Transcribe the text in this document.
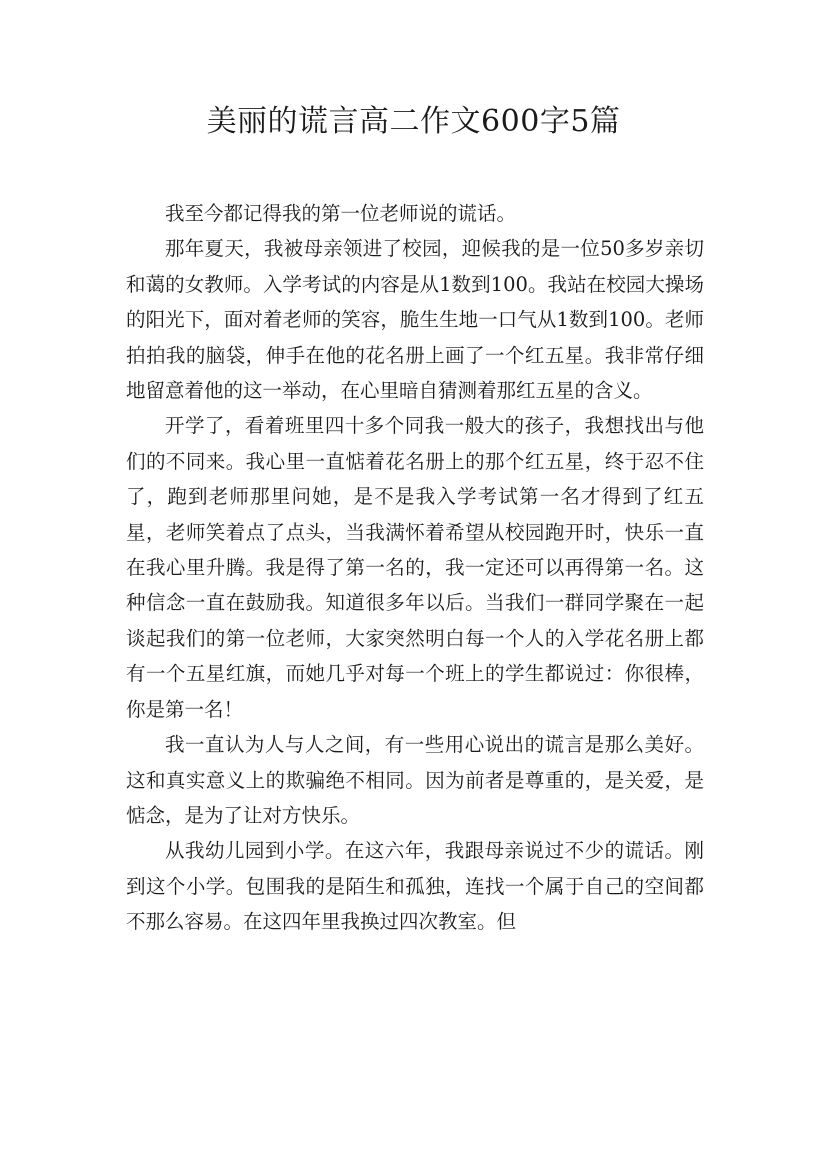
美丽的谎言高二作文600字5篇

我至今都记得我的第一位老师说的谎话。

那年夏天，我被母亲领进了校园，迎候我的是一位50多岁亲切和蔼的女教师。入学考试的内容是从1数到100。我站在校园大操场的阳光下，面对着老师的笑容，脆生生地一口气从1数到100。老师拍拍我的脑袋，伸手在他的花名册上画了一个红五星。我非常仔细地留意着他的这一举动，在心里暗自猜测着那红五星的含义。

开学了，看着班里四十多个同我一般大的孩子，我想找出与他们的不同来。我心里一直惦着花名册上的那个红五星，终于忍不住了，跑到老师那里问她，是不是我入学考试第一名才得到了红五星，老师笑着点了点头，当我满怀着希望从校园跑开时，快乐一直在我心里升腾。我是得了第一名的，我一定还可以再得第一名。这种信念一直在鼓励我。知道很多年以后。当我们一群同学聚在一起谈起我们的第一位老师，大家突然明白每一个人的入学花名册上都有一个五星红旗，而她几乎对每一个班上的学生都说过：你很棒，你是第一名！

我一直认为人与人之间，有一些用心说出的谎言是那么美好。这和真实意义上的欺骗绝不相同。因为前者是尊重的，是关爱，是惦念，是为了让对方快乐。

从我幼儿园到小学。在这六年，我跟母亲说过不少的谎话。刚到这个小学。包围我的是陌生和孤独，连找一个属于自己的空间都不那么容易。在这四年里我换过四次教室。但
